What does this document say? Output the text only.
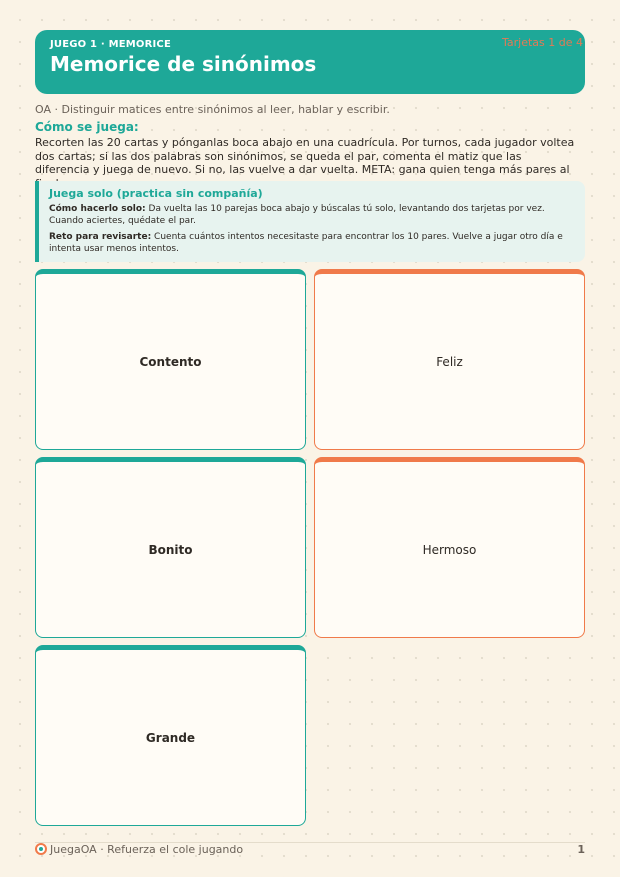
JUEGO 1 · MEMORICE
Memorice de sinónimos
Tarjetas 1 de 4
OA · Distinguir matices entre sinónimos al leer, hablar y escribir.
Cómo se juega:
Recorten las 20 cartas y pónganlas boca abajo en una cuadrícula. Por turnos, cada jugador voltea dos cartas; si las dos palabras son sinónimos, se queda el par, comenta el matiz que las diferencia y juega de nuevo. Si no, las vuelve a dar vuelta. META: gana quien tenga más pares al
Juega solo (practica sin compañía)

Cómo hacerlo solo: Da vuelta las 10 parejas boca abajo y búscalas tú solo, levantando dos tarjetas por vez. Cuando aciertes, quédate el par.

Reto para revisarte: Cuenta cuántos intentos necesitaste para encontrar los 10 pares. Vuelve a jugar otro día e intenta usar menos intentos.

Contento	Feliz
Bonito	Hermoso
Grande
JuegaOA · Refuerza el cole jugando	1
